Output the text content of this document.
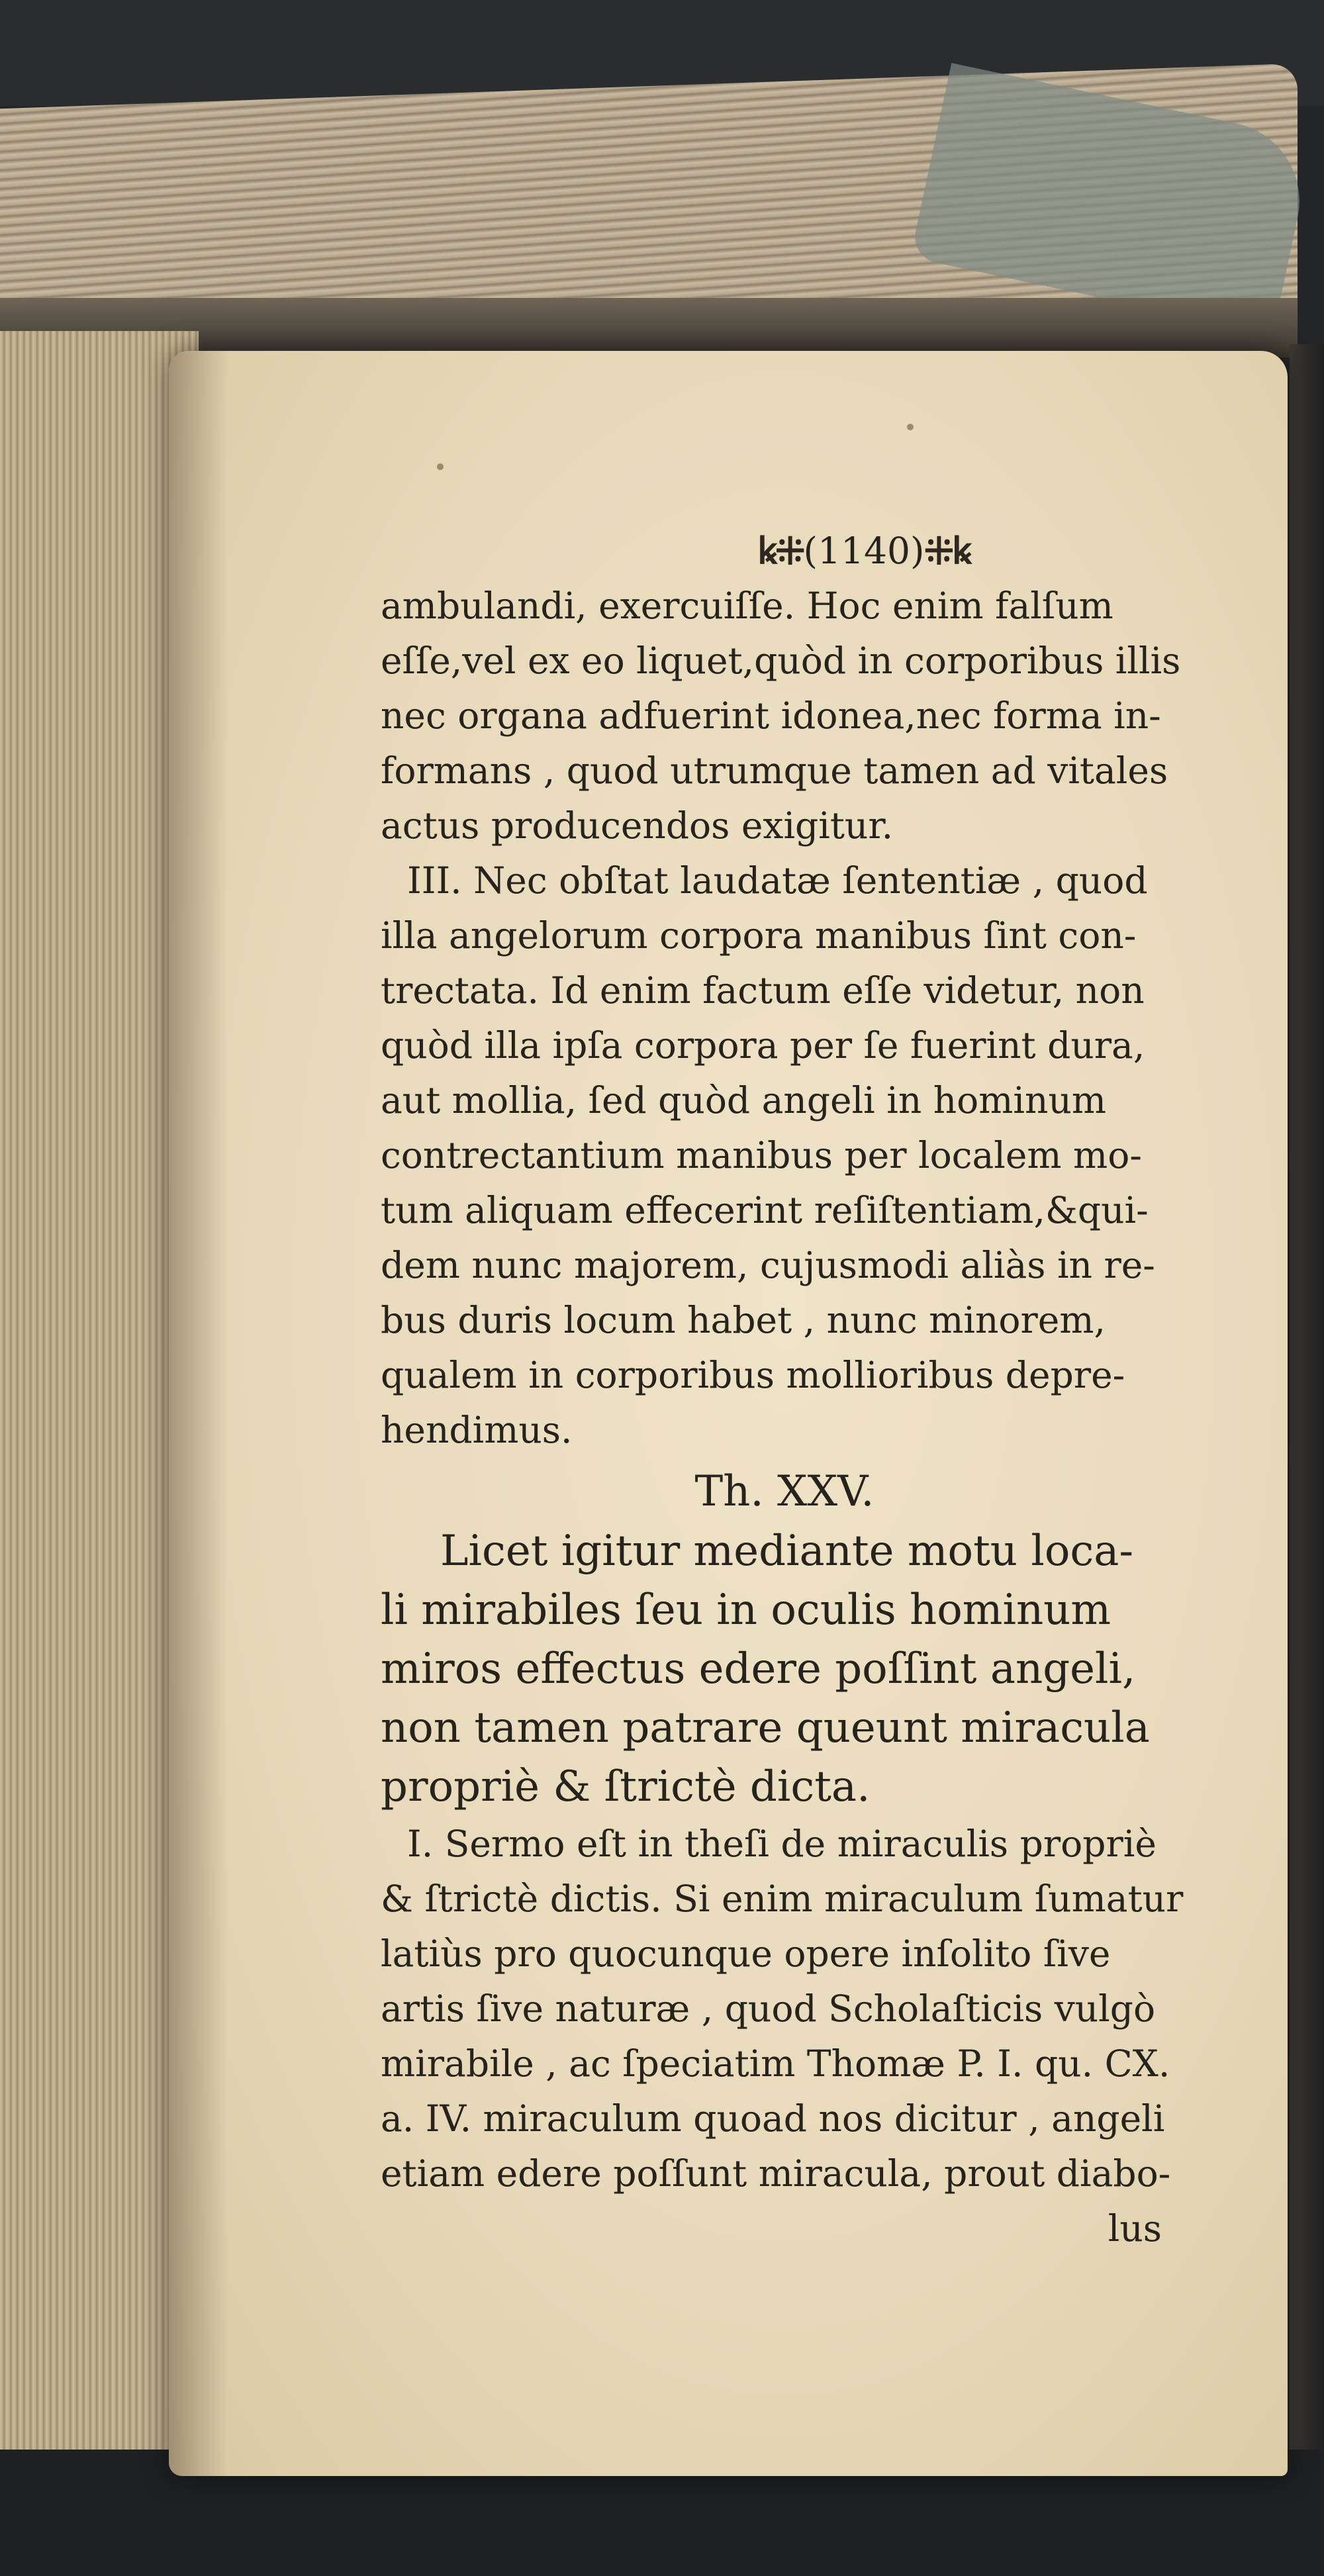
ꝃ⁜(1140)⁜ꝃ

ambulandi, exercuiſſe. Hoc enim falſum

eſſe,vel ex eo liquet,quòd in corporibus illis

nec organa adfuerint idonea,nec forma in-

formans , quod utrumque tamen ad vitales

actus producendos exigitur.

III. Nec obſtat laudatæ ſententiæ , quod

illa angelorum corpora manibus ſint con-

trectata. Id enim factum eſſe videtur, non

quòd illa ipſa corpora per ſe fuerint dura,

aut mollia, ſed quòd angeli in hominum

contrectantium manibus per localem mo-

tum aliquam effecerint reſiſtentiam,&qui-

dem nunc majorem, cujusmodi aliàs in re-

bus duris locum habet , nunc minorem,

qualem in corporibus mollioribus depre-

hendimus.

Th. XXV.

Licet igitur mediante motu loca-

li mirabiles ſeu in oculis hominum

miros effectus edere poſſint angeli,

non tamen patrare queunt miracula

propriè & ſtrictè dicta.

I. Sermo eſt in theſi de miraculis propriè

& ſtrictè dictis. Si enim miraculum ſumatur

latiùs pro quocunque opere inſolito ſive

artis ſive naturæ , quod Scholaſticis vulgò

mirabile , ac ſpeciatim Thomæ P. I. qu. CX.

a. IV. miraculum quoad nos dicitur , angeli

etiam edere poſſunt miracula, prout diabo-

lus
